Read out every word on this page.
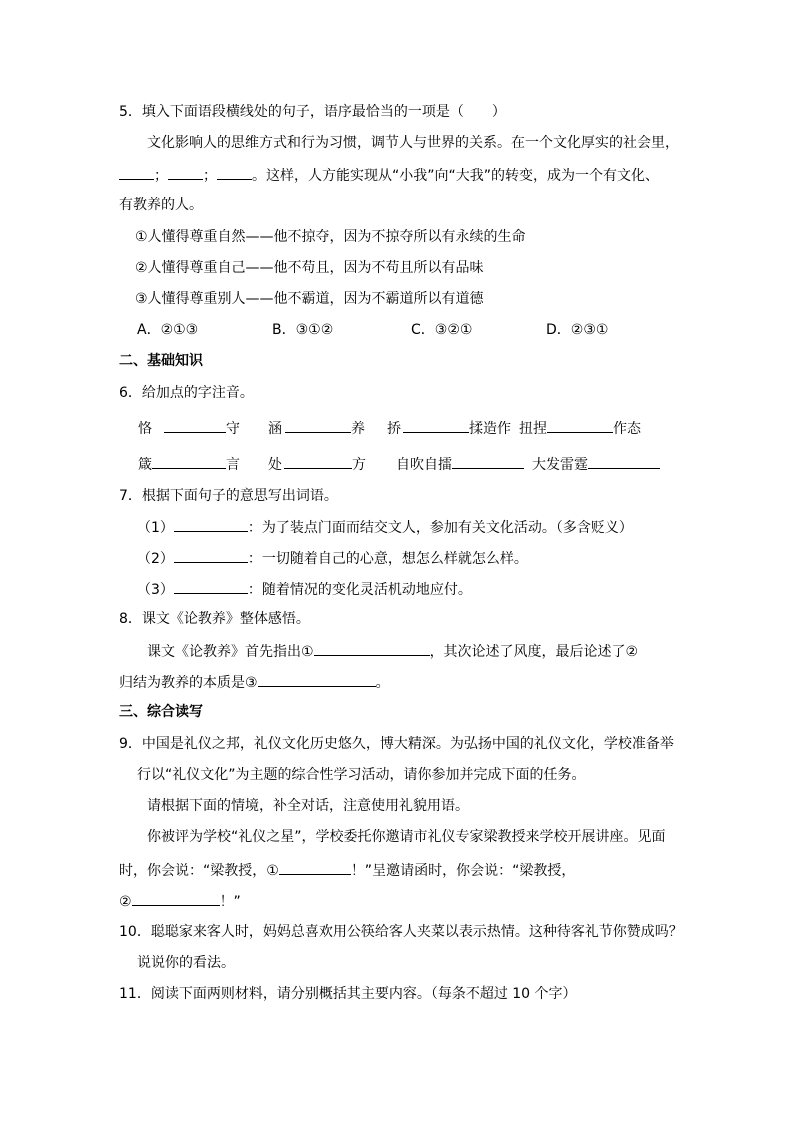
5．填入下面语段横线处的句子，语序最恰当的一项是（　　）
文化影响人的思维方式和行为习惯，调节人与世界的关系。在一个文化厚实的社会里，
；	；	。这样，人方能实现从“小我”向“大我”的转变，成为一个有文化、
有教养的人。
①人懂得尊重自然——他不掠夺，因为不掠夺所以有永续的生命
②人懂得尊重自己——他不苟且，因为不苟且所以有品味
③人懂得尊重别人——他不霸道，因为不霸道所以有道德
A．②①③	B．③①②	C．③②①	D．②③①
二、基础知识
6．给加点的字注音。
恪	守 涵	养 挢	揉造作 扭捏	作态
箴	言 处	方 自吹自擂	大发雷霆
7．根据下面句子的意思写出词语。
（1）	：为了装点门面而结交文人，参加有关文化活动。（多含贬义）
（2）	：一切随着自己的心意，想怎么样就怎么样。
（3）	：随着情况的变化灵活机动地应付。
8．课文《论教养》整体感悟。
课文《论教养》首先指出①	，其次论述了风度，最后论述了②
归结为教养的本质是③	。
三、综合读写
9．中国是礼仪之邦，礼仪文化历史悠久，博大精深。为弘扬中国的礼仪文化，学校准备举
行以“礼仪文化”为主题的综合性学习活动，请你参加并完成下面的任务。
请根据下面的情境，补全对话，注意使用礼貌用语。
你被评为学校“礼仪之星”，学校委托你邀请市礼仪专家梁教授来学校开展讲座。见面
时，你会说：“梁教授，①	！”呈邀请函时，你会说：“梁教授，
②	！”
10．聪聪家来客人时，妈妈总喜欢用公筷给客人夹菜以表示热情。这种待客礼节你赞成吗？
说说你的看法。
11．阅读下面两则材料，请分别概括其主要内容。（每条不超过 10 个字）
